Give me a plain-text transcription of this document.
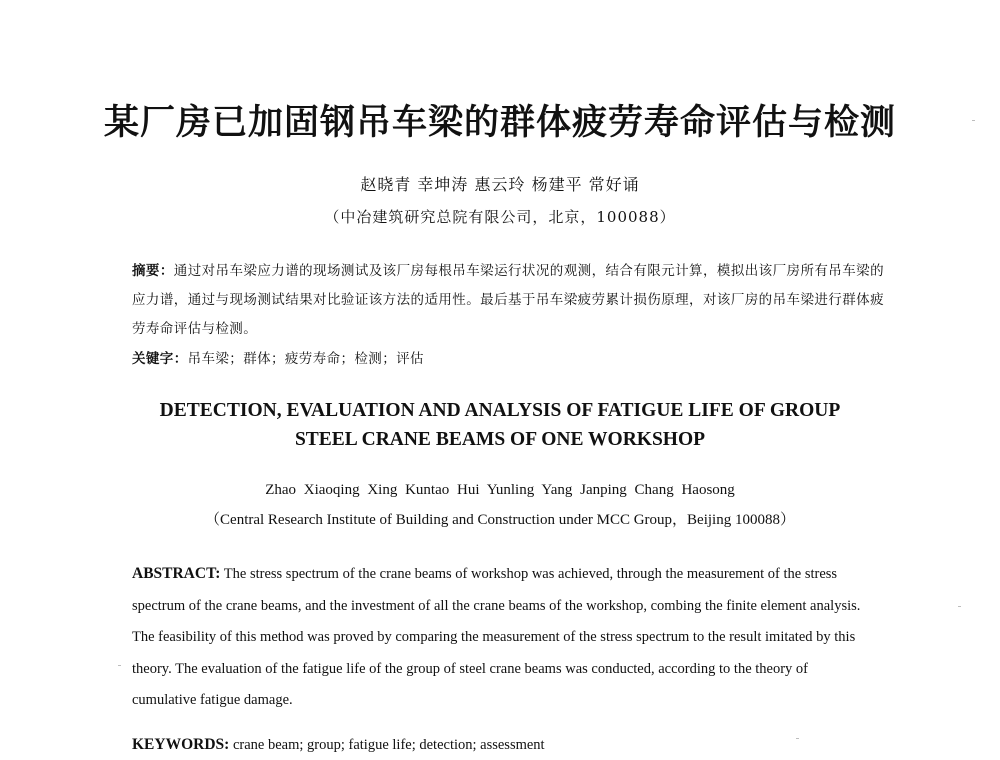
某厂房已加固钢吊车梁的群体疲劳寿命评估与检测
赵晓青 幸坤涛 惠云玲 杨建平 常好诵
（中冶建筑研究总院有限公司，北京，100088）
摘要：通过对吊车梁应力谱的现场测试及该厂房每根吊车梁运行状况的观测，结合有限元计算，模拟出该厂房所有吊车梁的应力谱，通过与现场测试结果对比验证该方法的适用性。最后基于吊车梁疲劳累计损伤原理，对该厂房的吊车梁进行群体疲劳寿命评估与检测。
关键字：吊车梁；群体；疲劳寿命；检测；评估
DETECTION, EVALUATION AND ANALYSIS OF FATIGUE LIFE OF GROUP
STEEL CRANE BEAMS OF ONE WORKSHOP
Zhao Xiaoqing Xing Kuntao Hui Yunling Yang Janping Chang Haosong
（Central Research Institute of Building and Construction under MCC Group，Beijing 100088）
ABSTRACT: The stress spectrum of the crane beams of workshop was achieved, through the measurement of the stress spectrum of the crane beams, and the investment of all the crane beams of the workshop, combing the finite element analysis. The feasibility of this method was proved by comparing the measurement of the stress spectrum to the result imitated by this theory. The evaluation of the fatigue life of the group of steel crane beams was conducted, according to the theory of cumulative fatigue damage.
KEYWORDS: crane beam; group; fatigue life; detection; assessment
